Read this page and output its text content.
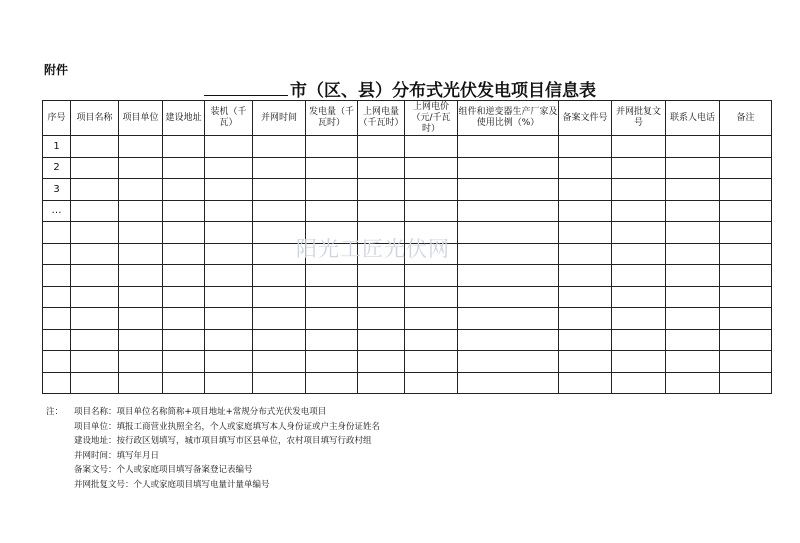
附件
市（区、县）分布式光伏发电项目信息表
序号	项目名称	项目单位	建设地址	装机（千瓦）	并网时间	发电量（千瓦时）	上网电量（千瓦时）	上网电价（元/千瓦时）	组件和逆变器生产厂家及使用比例（%）	备案文件号	并网批复文号	联系人电话	备注
1													
2													
3													
…													

阳光工匠光伏网
注： 项目名称：项目单位名称简称+项目地址+常规分布式光伏发电项目
项目单位：填报工商营业执照全名，个人或家庭填写本人身份证或户主身份证姓名
建设地址：按行政区划填写，城市项目填写市区县单位，农村项目填写行政村组
并网时间：填写年月日
备案文号：个人或家庭项目填写备案登记表编号
并网批复文号：个人或家庭项目填写电量计量单编号
